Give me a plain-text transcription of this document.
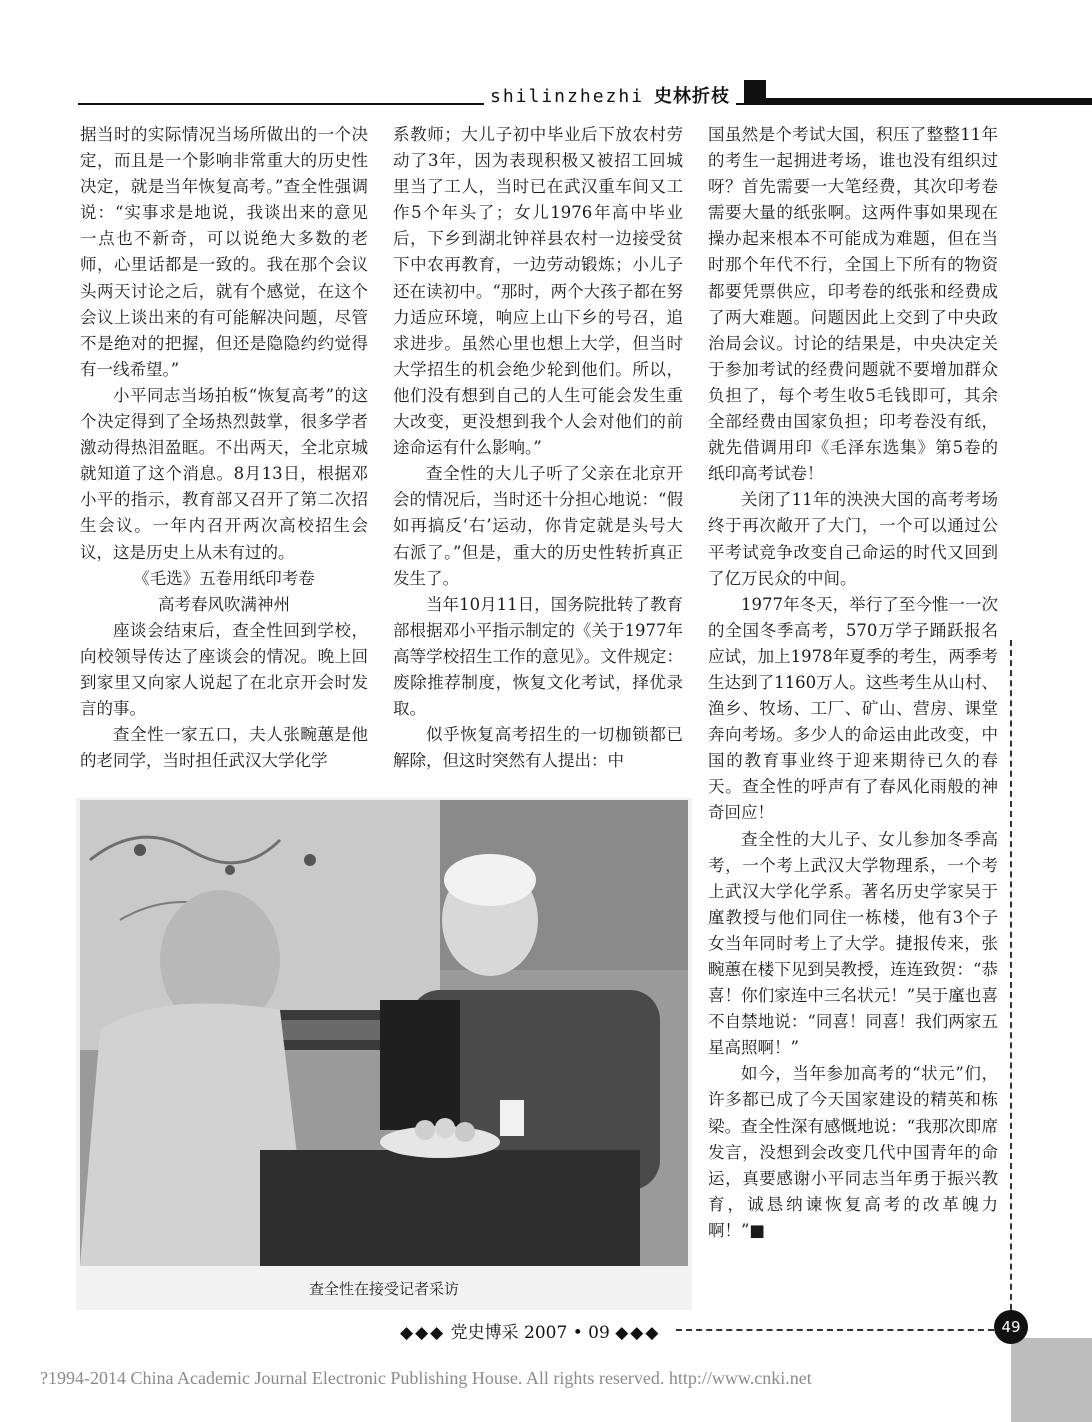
shilinzhezhi 史林折枝

据当时的实际情况当场所做出的一个决定，而且是一个影响非常重大的历史性决定，就是当年恢复高考。”查全性强调说：“实事求是地说，我谈出来的意见一点也不新奇，可以说绝大多数的老师，心里话都是一致的。我在那个会议头两天讨论之后，就有个感觉，在这个会议上谈出来的有可能解决问题，尽管不是绝对的把握，但还是隐隐约约觉得有一线希望。”

小平同志当场拍板“恢复高考”的这个决定得到了全场热烈鼓掌，很多学者激动得热泪盈眶。不出两天，全北京城就知道了这个消息。8月13日，根据邓小平的指示，教育部又召开了第二次招生会议。一年内召开两次高校招生会议，这是历史上从未有过的。

《毛选》五卷用纸印考卷

高考春风吹满神州

座谈会结束后，查全性回到学校，向校领导传达了座谈会的情况。晚上回到家里又向家人说起了在北京开会时发言的事。

查全性一家五口，夫人张畹蕙是他的老同学，当时担任武汉大学化学

系教师；大儿子初中毕业后下放农村劳动了3年，因为表现积极又被招工回城里当了工人，当时已在武汉重车间又工作5个年头了；女儿1976年高中毕业后，下乡到湖北钟祥县农村一边接受贫下中农再教育，一边劳动锻炼；小儿子还在读初中。“那时，两个大孩子都在努力适应环境，响应上山下乡的号召，追求进步。虽然心里也想上大学，但当时大学招生的机会绝少轮到他们。所以，他们没有想到自己的人生可能会发生重大改变，更没想到我个人会对他们的前途命运有什么影响。”

查全性的大儿子听了父亲在北京开会的情况后，当时还十分担心地说：“假如再搞反‘右’运动，你肯定就是头号大右派了。”但是，重大的历史性转折真正发生了。

当年10月11日，国务院批转了教育部根据邓小平指示制定的《关于1977年高等学校招生工作的意见》。文件规定：废除推荐制度，恢复文化考试，择优录取。

似乎恢复高考招生的一切枷锁都已解除，但这时突然有人提出：中

国虽然是个考试大国，积压了整整11年的考生一起拥进考场，谁也没有组织过呀？首先需要一大笔经费，其次印考卷需要大量的纸张啊。这两件事如果现在操办起来根本不可能成为难题，但在当时那个年代不行，全国上下所有的物资都要凭票供应，印考卷的纸张和经费成了两大难题。问题因此上交到了中央政治局会议。讨论的结果是，中央决定关于参加考试的经费问题就不要增加群众负担了，每个考生收5毛钱即可，其余全部经费由国家负担；印考卷没有纸，就先借调用印《毛泽东选集》第5卷的纸印高考试卷！

关闭了11年的泱泱大国的高考考场终于再次敞开了大门，一个可以通过公平考试竞争改变自己命运的时代又回到了亿万民众的中间。

1977年冬天，举行了至今惟一一次的全国冬季高考，570万学子踊跃报名应试，加上1978年夏季的考生，两季考生达到了1160万人。这些考生从山村、渔乡、牧场、工厂、矿山、营房、课堂奔向考场。多少人的命运由此改变，中国的教育事业终于迎来期待已久的春天。查全性的呼声有了春风化雨般的神奇回应！

查全性的大儿子、女儿参加冬季高考，一个考上武汉大学物理系，一个考上武汉大学化学系。著名历史学家吴于廑教授与他们同住一栋楼，他有3个子女当年同时考上了大学。捷报传来，张畹蕙在楼下见到吴教授，连连致贺：“恭喜！你们家连中三名状元！”吴于廑也喜不自禁地说：“同喜！同喜！我们两家五星高照啊！”

如今，当年参加高考的“状元”们，许多都已成了今天国家建设的精英和栋梁。查全性深有感慨地说：“我那次即席发言，没想到会改变几代中国青年的命运，真要感谢小平同志当年勇于振兴教育，诚恳纳谏恢复高考的改革魄力啊！”■

查全性在接受记者采访
◆◆◆ 党史博采 2007 • 09 ◆◆◆	49
?1994-2014 China Academic Journal Electronic Publishing House. All rights reserved. http://www.cnki.net
